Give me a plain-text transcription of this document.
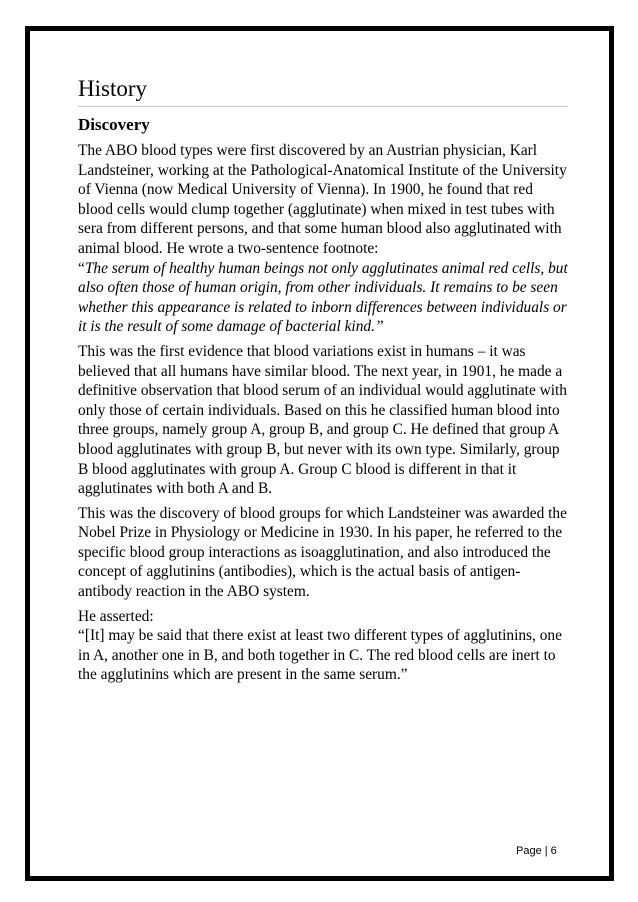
History
Discovery

The ABO blood types were first discovered by an Austrian physician, Karl Landsteiner, working at the Pathological-Anatomical Institute of the University of Vienna (now Medical University of Vienna). In 1900, he found that red blood cells would clump together (agglutinate) when mixed in test tubes with sera from different persons, and that some human blood also agglutinated with animal blood. He wrote a two-sentence footnote:
“The serum of healthy human beings not only agglutinates animal red cells, but also often those of human origin, from other individuals. It remains to be seen whether this appearance is related to inborn differences between individuals or it is the result of some damage of bacterial kind.”

This was the first evidence that blood variations exist in humans – it was believed that all humans have similar blood. The next year, in 1901, he made a definitive observation that blood serum of an individual would agglutinate with only those of certain individuals. Based on this he classified human blood into three groups, namely group A, group B, and group C. He defined that group A blood agglutinates with group B, but never with its own type. Similarly, group B blood agglutinates with group A. Group C blood is different in that it agglutinates with both A and B.

This was the discovery of blood groups for which Landsteiner was awarded the Nobel Prize in Physiology or Medicine in 1930. In his paper, he referred to the specific blood group interactions as isoagglutination, and also introduced the concept of agglutinins (antibodies), which is the actual basis of antigen-antibody reaction in the ABO system.

He asserted:
“[It] may be said that there exist at least two different types of agglutinins, one in A, another one in B, and both together in C. The red blood cells are inert to the agglutinins which are present in the same serum.”

Page | 6
